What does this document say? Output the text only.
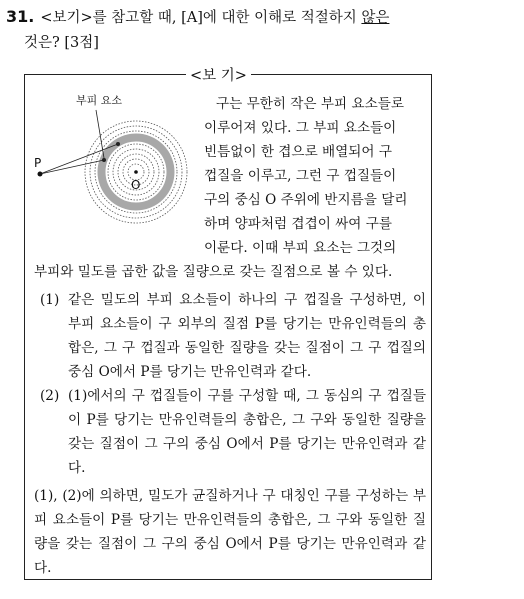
31. <보기>를 참고할 때, [A]에 대한 이해로 적절하지 않은
것은? [3점]
<보 기>
부피 요소
P
O
구는 무한히 작은 부피 요소들로
이루어져 있다. 그 부피 요소들이
빈틈없이 한 겹으로 배열되어 구
껍질을 이루고, 그런 구 껍질들이
구의 중심 O 주위에 반지름을 달리
하며 양파처럼 겹겹이 싸여 구를
이룬다. 이때 부피 요소는 그것의
부피와 밀도를 곱한 값을 질량으로 갖는 질점으로 볼 수 있다.
(1) 같은 밀도의 부피 요소들이 하나의 구 껍질을 구성하면, 이 부피 요소들이 구 외부의 질점 P를 당기는 만유인력들의 총합은, 그 구 껍질과 동일한 질량을 갖는 질점이 그 구 껍질의 중심 O에서 P를 당기는 만유인력과 같다.
(2) (1)에서의 구 껍질들이 구를 구성할 때, 그 동심의 구 껍질들이 P를 당기는 만유인력들의 총합은, 그 구와 동일한 질량을 갖는 질점이 그 구의 중심 O에서 P를 당기는 만유인력과 같다.
(1), (2)에 의하면, 밀도가 균질하거나 구 대칭인 구를 구성하는 부피 요소들이 P를 당기는 만유인력들의 총합은, 그 구와 동일한 질량을 갖는 질점이 그 구의 중심 O에서 P를 당기는 만유인력과 같다.
